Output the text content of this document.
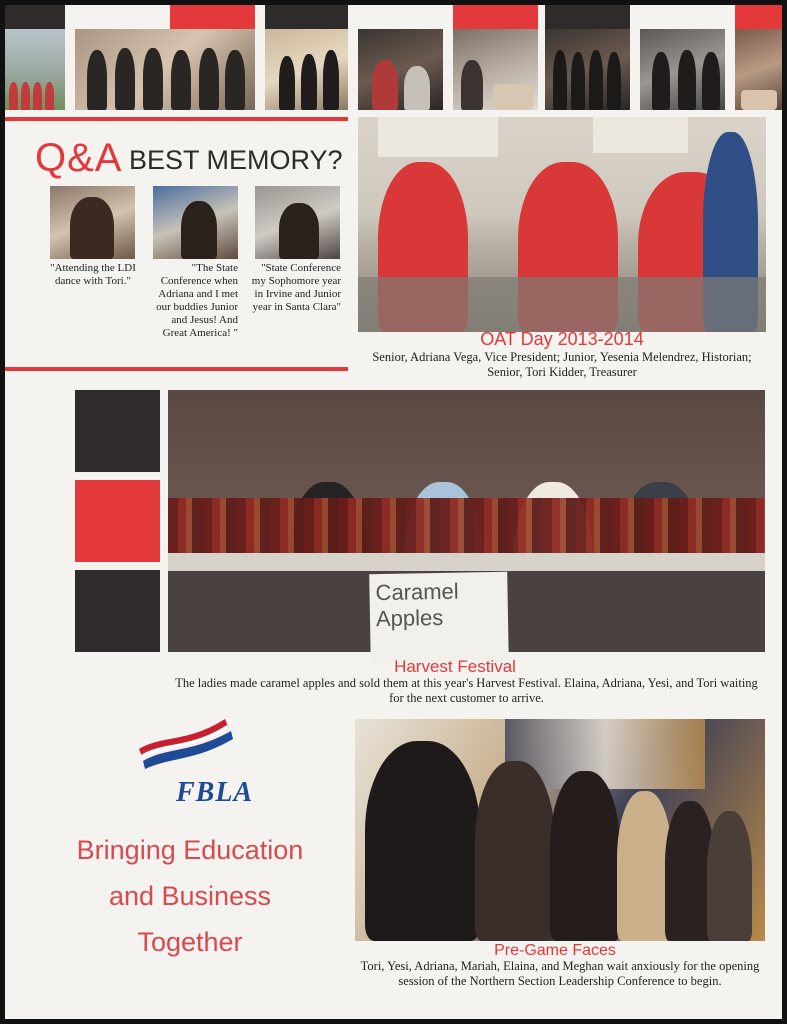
Q&A BEST MEMORY?
"Attending the LDI dance with Tori."
"The State Conference when Adriana and I met our buddies Junior and Jesus! And Great America! "
"State Conference my Sophomore year in Irvine and Junior year in Santa Clara"
OAT Day 2013-2014
Senior, Adriana Vega, Vice President; Junior, Yesenia Melendrez, Historian; Senior, Tori Kidder, Treasurer
Caramel
Apples
Harvest Festival
The ladies made caramel apples and sold them at this year's Harvest Festival. Elaina, Adriana, Yesi, and Tori waiting for the next customer to arrive.
FBLA
Bringing Education
and Business
Together	Pre-Game Faces
Tori, Yesi, Adriana, Mariah, Elaina, and Meghan wait anxiously for the opening session of the Northern Section Leadership Conference to begin.
